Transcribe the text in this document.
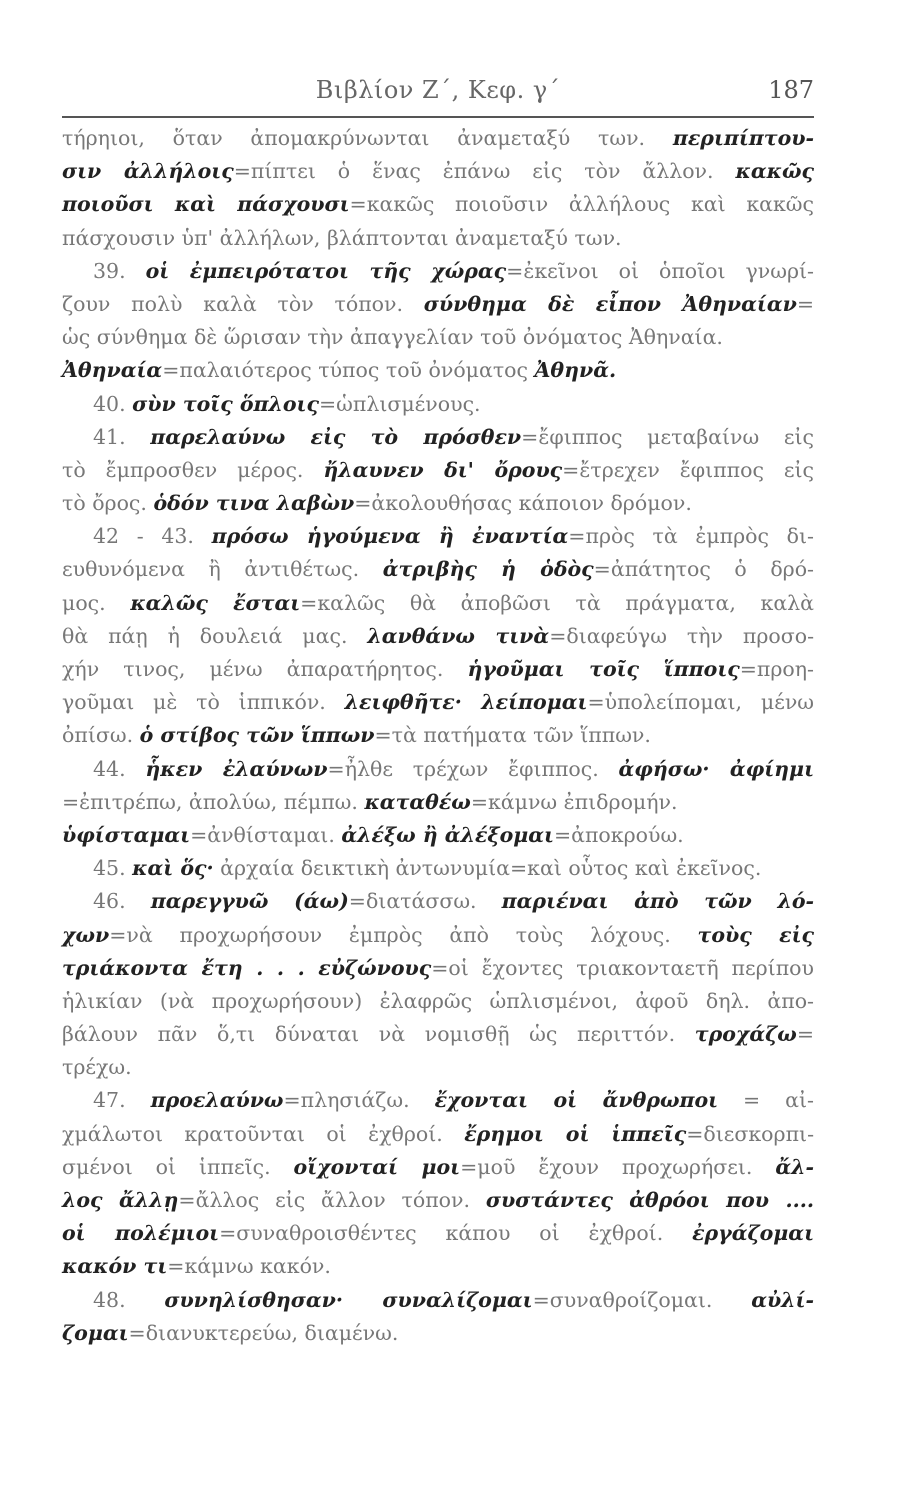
Βιβλίον Ζ΄, Κεφ. γ΄	187
τήρηιοι, ὅταν ἀπομακρύνωνται ἀναμεταξύ των. περιπίπτου-
σιν ἀλλήλοις=πίπτει ὁ ἕνας ἐπάνω εἰς τὸν ἄλλον. κακῶς
ποιοῦσι καὶ πάσχουσι=κακῶς ποιοῦσιν ἀλλήλους καὶ κακῶς
πάσχουσιν ὑπ' ἀλλήλων, βλάπτονται ἀναμεταξύ των.
39. οἱ ἐμπειρότατοι τῆς χώρας=ἐκεῖνοι οἱ ὁποῖοι γνωρί-
ζουν πολὺ καλὰ τὸν τόπον. σύνθημα δὲ εἶπον Ἀθηναίαν=
ὡς σύνθημα δὲ ὥρισαν τὴν ἀπαγγελίαν τοῦ ὀνόματος Ἀθηναία.
Ἀθηναία=παλαιότερος τύπος τοῦ ὀνόματος Ἀθηνᾶ.
40. σὺν τοῖς ὅπλοις=ὡπλισμένους.
41. παρελαύνω εἰς τὸ πρόσθεν=ἔφιππος μεταβαίνω εἰς
τὸ ἔμπροσθεν μέρος. ἤλαυνεν δι' ὄρους=ἔτρεχεν ἔφιππος εἰς
τὸ ὄρος. ὁδόν τινα λαβὼν=ἀκολουθήσας κάποιον δρόμον.
42 - 43. πρόσω ἡγούμενα ἢ ἐναντία=πρὸς τὰ ἐμπρὸς δι-
ευθυνόμενα ἢ ἀντιθέτως. ἀτριβὴς ἡ ὁδὸς=ἀπάτητος ὁ δρό-
μος. καλῶς ἔσται=καλῶς θὰ ἀποβῶσι τὰ πράγματα, καλὰ
θὰ πάῃ ἡ δουλειά μας. λανθάνω τινὰ=διαφεύγω τὴν προσο-
χήν τινος, μένω ἀπαρατήρητος. ἡγοῦμαι τοῖς ἵπποις=προη-
γοῦμαι μὲ τὸ ἱππικόν. λειφθῆτε· λείπομαι=ὑπολείπομαι, μένω
ὀπίσω. ὁ στίβος τῶν ἵππων=τὰ πατήματα τῶν ἵππων.
44. ἧκεν ἐλαύνων=ἦλθε τρέχων ἔφιππος. ἀφήσω· ἀφίημι
=ἐπιτρέπω, ἀπολύω, πέμπω. καταθέω=κάμνω ἐπιδρομήν.
ὑφίσταμαι=ἀνθίσταμαι. ἀλέξω ἢ ἀλέξομαι=ἀποκρούω.
45. καὶ ὅς· ἀρχαία δεικτικὴ ἀντωνυμία=καὶ οὗτος καὶ ἐκεῖνος.
46. παρεγγυῶ (άω)=διατάσσω. παριέναι ἀπὸ τῶν λό-
χων=νὰ προχωρήσουν ἐμπρὸς ἀπὸ τοὺς λόχους. τοὺς εἰς
τριάκοντα ἔτη . . . εὐζώνους=οἱ ἔχοντες τριακονταετῆ περίπου
ἡλικίαν (νὰ προχωρήσουν) ἐλαφρῶς ὡπλισμένοι, ἀφοῦ δηλ. ἀπο-
βάλουν πᾶν ὅ,τι δύναται νὰ νομισθῇ ὡς περιττόν. τροχάζω=
τρέχω.
47. προελαύνω=πλησιάζω. ἔχονται οἱ ἄνθρωποι = αἰ-
χμάλωτοι κρατοῦνται οἱ ἐχθροί. ἔρημοι οἱ ἱππεῖς=διεσκορπι-
σμένοι οἱ ἱππεῖς. οἴχονταί μοι=μοῦ ἔχουν προχωρήσει. ἄλ-
λος ἄλλῃ=ἄλλος εἰς ἄλλον τόπον. συστάντες ἀθρόοι που ....
οἱ πολέμιοι=συναθροισθέντες κάπου οἱ ἐχθροί. ἐργάζομαι
κακόν τι=κάμνω κακόν.
48. συνηλίσθησαν· συναλίζομαι=συναθροίζομαι. αὐλί-
ζομαι=διανυκτερεύω, διαμένω.
